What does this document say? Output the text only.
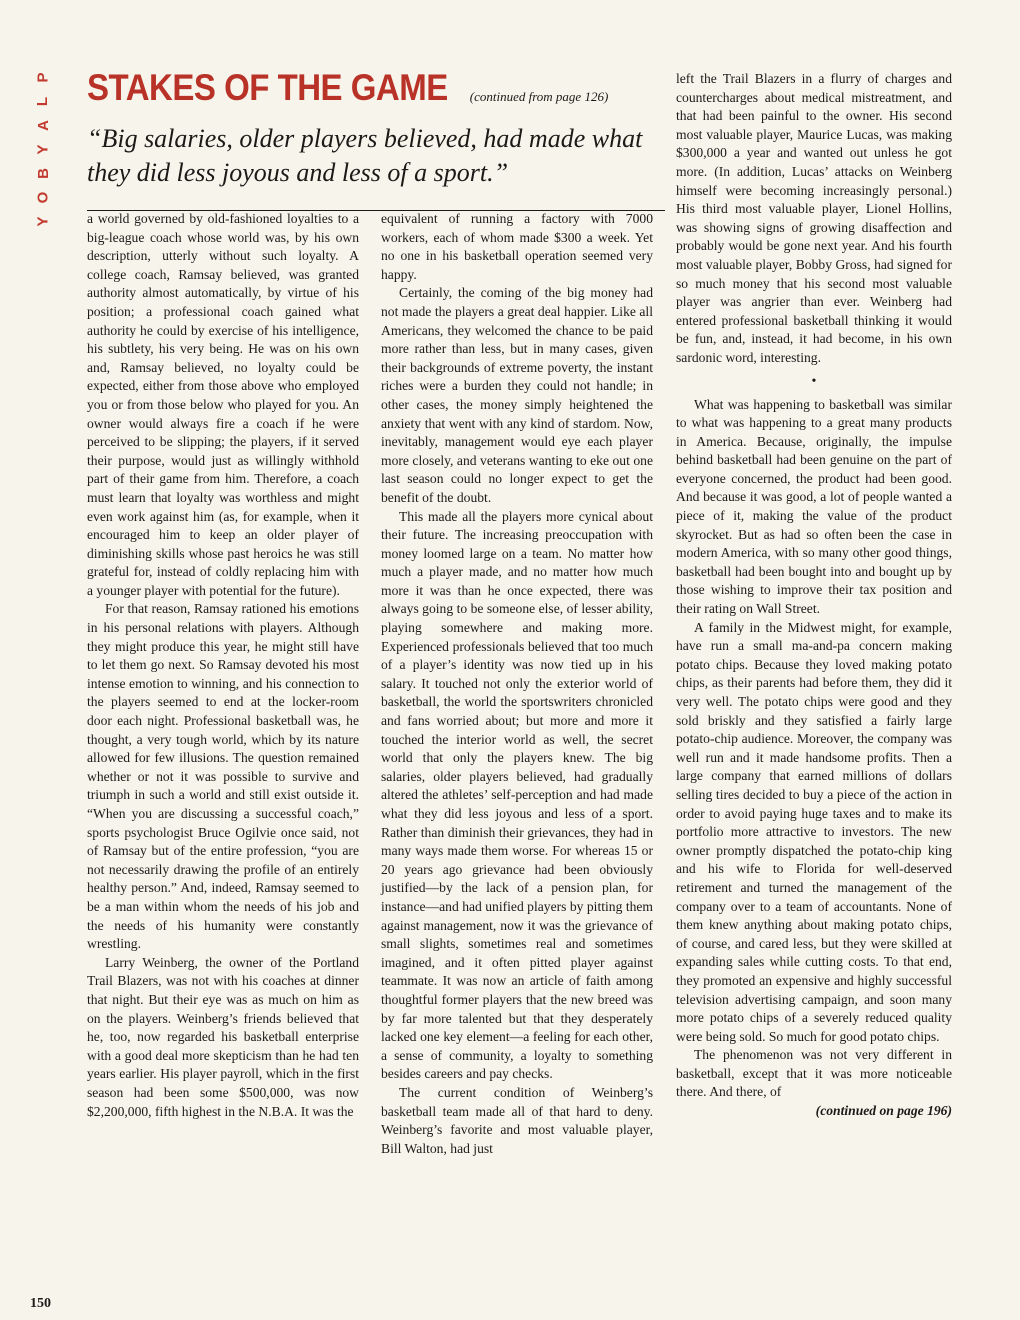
P
L
A
Y
B
O
Y
STAKES OF THE GAME (continued from page 126)
“Big salaries, older players believed, had made what they did less joyous and less of a sport.”

a world governed by old-fashioned loyalties to a big-league coach whose world was, by his own description, utterly without such loyalty. A college coach, Ramsay believed, was granted authority almost automatically, by virtue of his position; a professional coach gained what authority he could by exercise of his intelligence, his subtlety, his very being. He was on his own and, Ramsay believed, no loyalty could be expected, either from those above who employed you or from those below who played for you. An owner would always fire a coach if he were perceived to be slipping; the players, if it served their purpose, would just as willingly withhold part of their game from him. Therefore, a coach must learn that loyalty was worthless and might even work against him (as, for example, when it encouraged him to keep an older player of diminishing skills whose past heroics he was still grateful for, instead of coldly replacing him with a younger player with potential for the future).

For that reason, Ramsay rationed his emotions in his personal relations with players. Although they might produce this year, he might still have to let them go next. So Ramsay devoted his most intense emotion to winning, and his connection to the players seemed to end at the locker-room door each night. Professional basketball was, he thought, a very tough world, which by its nature allowed for few illusions. The question remained whether or not it was possible to survive and triumph in such a world and still exist outside it. “When you are discussing a successful coach,” sports psychologist Bruce Ogilvie once said, not of Ramsay but of the entire profession, “you are not necessarily drawing the profile of an entirely healthy person.” And, indeed, Ramsay seemed to be a man within whom the needs of his job and the needs of his humanity were constantly wrestling.

Larry Weinberg, the owner of the Portland Trail Blazers, was not with his coaches at dinner that night. But their eye was as much on him as on the players. Weinberg’s friends believed that he, too, now regarded his basketball enterprise with a good deal more skepticism than he had ten years earlier. His player payroll, which in the first season had been some $500,000, was now $2,200,000, fifth highest in the N.B.A. It was the

equivalent of running a factory with 7000 workers, each of whom made $300 a week. Yet no one in his basketball operation seemed very happy.

Certainly, the coming of the big money had not made the players a great deal happier. Like all Americans, they welcomed the chance to be paid more rather than less, but in many cases, given their backgrounds of extreme poverty, the instant riches were a burden they could not handle; in other cases, the money simply heightened the anxiety that went with any kind of stardom. Now, inevitably, management would eye each player more closely, and veterans wanting to eke out one last season could no longer expect to get the benefit of the doubt.

This made all the players more cynical about their future. The increasing preoccupation with money loomed large on a team. No matter how much a player made, and no matter how much more it was than he once expected, there was always going to be someone else, of lesser ability, playing somewhere and making more. Experienced professionals believed that too much of a player’s identity was now tied up in his salary. It touched not only the exterior world of basketball, the world the sportswriters chronicled and fans worried about; but more and more it touched the interior world as well, the secret world that only the players knew. The big salaries, older players believed, had gradually altered the athletes’ self-perception and had made what they did less joyous and less of a sport. Rather than diminish their grievances, they had in many ways made them worse. For whereas 15 or 20 years ago grievance had been obviously justified—by the lack of a pension plan, for instance—and had unified players by pitting them against management, now it was the grievance of small slights, sometimes real and sometimes imagined, and it often pitted player against teammate. It was now an article of faith among thoughtful former players that the new breed was by far more talented but that they desperately lacked one key element—a feeling for each other, a sense of community, a loyalty to something besides careers and pay checks.

The current condition of Weinberg’s basketball team made all of that hard to deny. Weinberg’s favorite and most valuable player, Bill Walton, had just

left the Trail Blazers in a flurry of charges and countercharges about medical mistreatment, and that had been painful to the owner. His second most valuable player, Maurice Lucas, was making $300,000 a year and wanted out unless he got more. (In addition, Lucas’ attacks on Weinberg himself were becoming increasingly personal.) His third most valuable player, Lionel Hollins, was showing signs of growing disaffection and probably would be gone next year. And his fourth most valuable player, Bobby Gross, had signed for so much money that his second most valuable player was angrier than ever. Weinberg had entered professional basketball thinking it would be fun, and, instead, it had become, in his own sardonic word, interesting.

•

What was happening to basketball was similar to what was happening to a great many products in America. Because, originally, the impulse behind basketball had been genuine on the part of everyone concerned, the product had been good. And because it was good, a lot of people wanted a piece of it, making the value of the product skyrocket. But as had so often been the case in modern America, with so many other good things, basketball had been bought into and bought up by those wishing to improve their tax position and their rating on Wall Street.

A family in the Midwest might, for example, have run a small ma-and-pa concern making potato chips. Because they loved making potato chips, as their parents had before them, they did it very well. The potato chips were good and they sold briskly and they satisfied a fairly large potato-chip audience. Moreover, the company was well run and it made handsome profits. Then a large company that earned millions of dollars selling tires decided to buy a piece of the action in order to avoid paying huge taxes and to make its portfolio more attractive to investors. The new owner promptly dispatched the potato-chip king and his wife to Florida for well-deserved retirement and turned the management of the company over to a team of accountants. None of them knew anything about making potato chips, of course, and cared less, but they were skilled at expanding sales while cutting costs. To that end, they promoted an expensive and highly successful television advertising campaign, and soon many more potato chips of a severely reduced quality were being sold. So much for good potato chips.

The phenomenon was not very different in basketball, except that it was more noticeable there. And there, of

(continued on page 196)
150
